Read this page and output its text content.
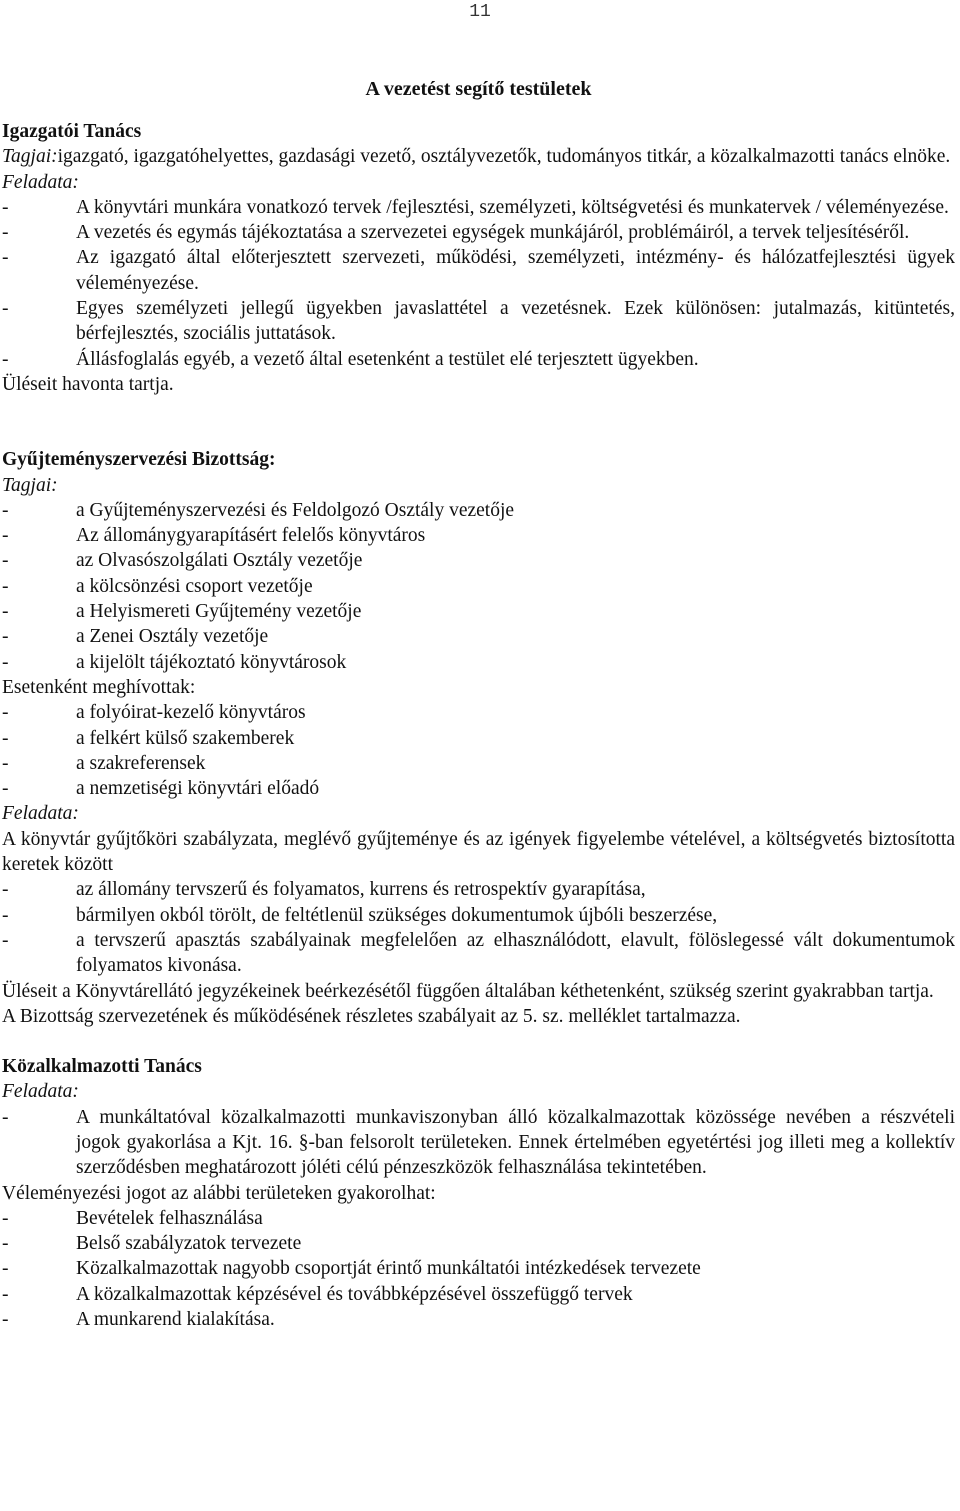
11
A vezetést segítő testületek
Igazgatói Tanács

Tagjai:igazgató, igazgatóhelyettes, gazdasági vezető, osztályvezetők, tudományos titkár, a közalkalmazotti tanács elnöke.

Feladata:
-	A könyvtári munkára vonatkozó tervek /fejlesztési, személyzeti, költségvetési és munkatervek / véleményezése.
-	A vezetés és egymás tájékoztatása a szervezetei egységek munkájáról, problémáiról, a tervek teljesítéséről.
-	Az igazgató által előterjesztett szervezeti, működési, személyzeti, intézmény- és hálózatfejlesztési ügyek véleményezése.
-	Egyes személyzeti jellegű ügyekben javaslattétel a vezetésnek. Ezek különösen: jutalmazás, kitüntetés, bérfejlesztés, szociális juttatások.
-	Állásfoglalás egyéb, a vezető által esetenként a testület elé terjesztett ügyekben.

Üléseit havonta tartja.

Gyűjteményszervezési Bizottság:
Tagjai:
-	a Gyűjteményszervezési és Feldolgozó Osztály vezetője
-	Az állománygyarapításért felelős könyvtáros
-	az Olvasószolgálati Osztály vezetője
-	a kölcsönzési csoport vezetője
-	a Helyismereti Gyűjtemény vezetője
-	a Zenei Osztály vezetője
-	a kijelölt tájékoztató könyvtárosok
Esetenként meghívottak:
-	a folyóirat-kezelő könyvtáros
-	a felkért külső szakemberek
-	a szakreferensek
-	a nemzetiségi könyvtári előadó
Feladata:

A könyvtár gyűjtőköri szabályzata, meglévő gyűjteménye és az igények figyelembe vételével, a költségvetés biztosította keretek között

-	az állomány tervszerű és folyamatos, kurrens és retrospektív gyarapítása,
-	bármilyen okból törölt, de feltétlenül szükséges dokumentumok újbóli beszerzése,
-	a tervszerű apasztás szabályainak megfelelően az elhasználódott, elavult, fölöslegessé vált dokumentumok folyamatos kivonása.

Üléseit a Könyvtárellátó jegyzékeinek beérkezésétől függően általában kéthetenként, szükség szerint gyakrabban tartja.

A Bizottság szervezetének és működésének részletes szabályait az 5. sz. melléklet tartalmazza.

Közalkalmazotti Tanács
Feladata:
-	A munkáltatóval közalkalmazotti munkaviszonyban álló közalkalmazottak közössége nevében a részvételi jogok gyakorlása a Kjt. 16. §-ban felsorolt területeken. Ennek értelmében egyetértési jog illeti meg a kollektív szerződésben meghatározott jóléti célú pénzeszközök felhasználása tekintetében.
Véleményezési jogot az alábbi területeken gyakorolhat:
-	Bevételek felhasználása
-	Belső szabályzatok tervezete
-	Közalkalmazottak nagyobb csoportját érintő munkáltatói intézkedések tervezete
-	A közalkalmazottak képzésével és továbbképzésével összefüggő tervek
-	A munkarend kialakítása.
